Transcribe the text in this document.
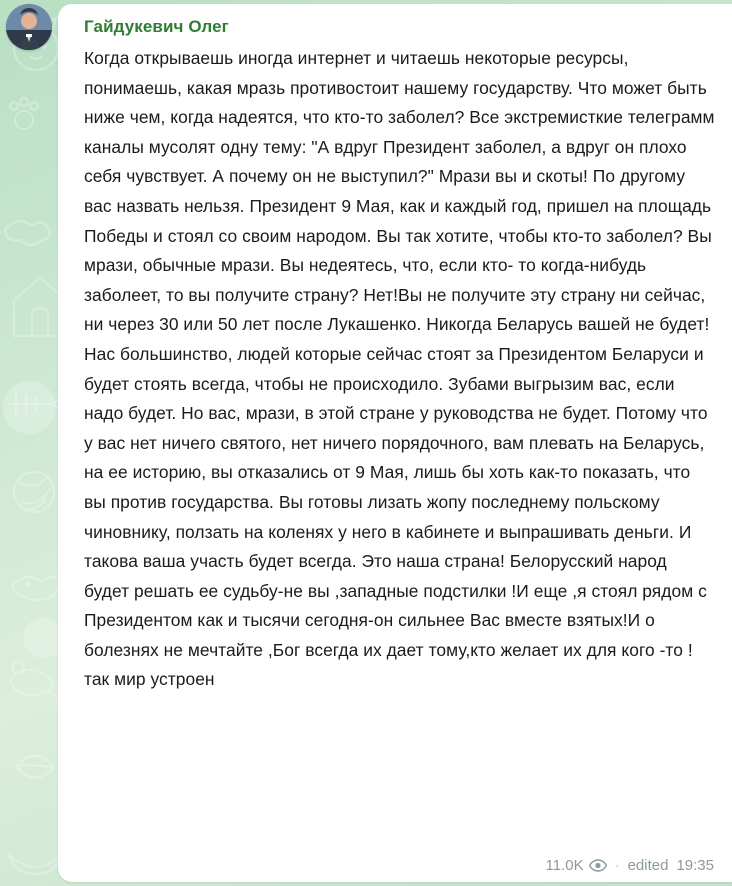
Гайдукевич Олег
Когда открываешь иногда интернет и читаешь некоторые ресурсы, понимаешь, какая мразь противостоит нашему государству. Что может быть ниже чем, когда надеятся, что кто-то заболел? Все экстремисткие телеграмм каналы мусолят одну тему: "А вдруг Президент заболел, а вдруг он плохо себя чувствует. А почему он не выступил?" Мрази вы и скоты! По другому вас назвать нельзя. Президент 9 Мая, как и каждый год, пришел на площадь Победы и стоял со своим народом. Вы так хотите, чтобы кто-то заболел? Вы мрази, обычные мрази. Вы недеятесь, что, если кто- то когда-нибудь заболеет, то вы получите страну? Нет!Вы не получите эту страну ни сейчас, ни через 30 или 50 лет после Лукашенко. Никогда Беларусь вашей не будет! Нас большинство, людей которые сейчас стоят за Президентом Беларуси и будет стоять всегда, чтобы не происходило. Зубами выгрызим вас, если надо будет. Но вас, мрази, в этой стране у руководства не будет. Потому что у вас нет ничего святого, нет ничего порядочного, вам плевать на Беларусь, на ее историю, вы отказались от 9 Мая, лишь бы хоть как-то показать, что вы против государства. Вы готовы лизать жопу последнему польскому чиновнику, ползать на коленях у него в кабинете и выпрашивать деньги. И такова ваша участь будет всегда. Это наша страна! Белорусский народ будет решать ее судьбу-не вы ,западные подстилки !И еще ,я стоял рядом с Президентом как и тысячи сегодня-он сильнее Вас вместе взятых!И о болезнях не мечтайте ,Бог всегда их дает тому,кто желает их для кого -то !так мир устроен
11.0K · edited 19:35
